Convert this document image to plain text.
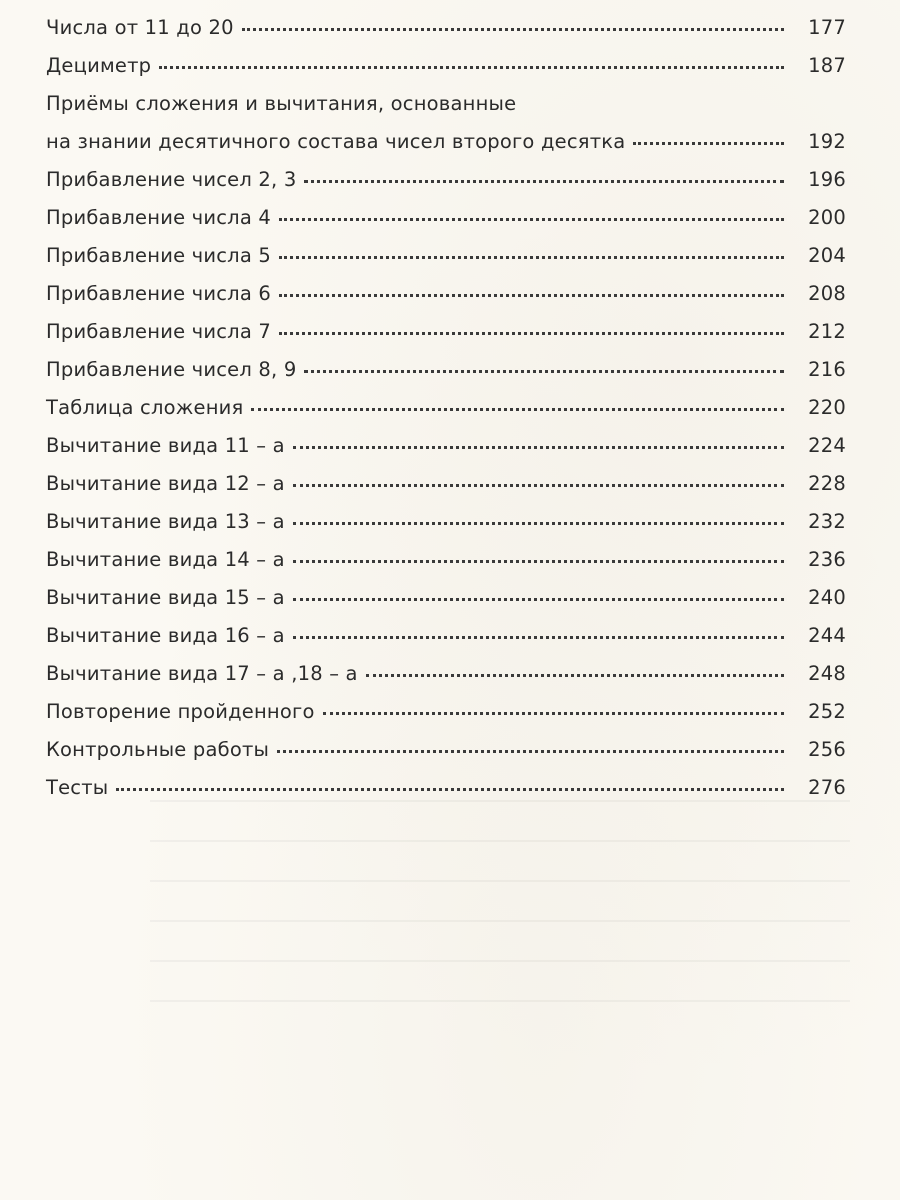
Числа от 11 до 20	177
Дециметр	187
Приёмы сложения и вычитания, основанные
на знании десятичного состава чисел второго десятка	192
Прибавление чисел 2, 3	196
Прибавление числа 4	200
Прибавление числа 5	204
Прибавление числа 6	208
Прибавление числа 7	212
Прибавление чисел 8, 9	216
Таблица сложения	220
Вычитание вида 11 – а	224
Вычитание вида 12 – а	228
Вычитание вида 13 – а	232
Вычитание вида 14 – а	236
Вычитание вида 15 – а	240
Вычитание вида 16 – а	244
Вычитание вида 17 – а ,18 – а	248
Повторение пройденного	252
Контрольные работы	256
Тесты	276
